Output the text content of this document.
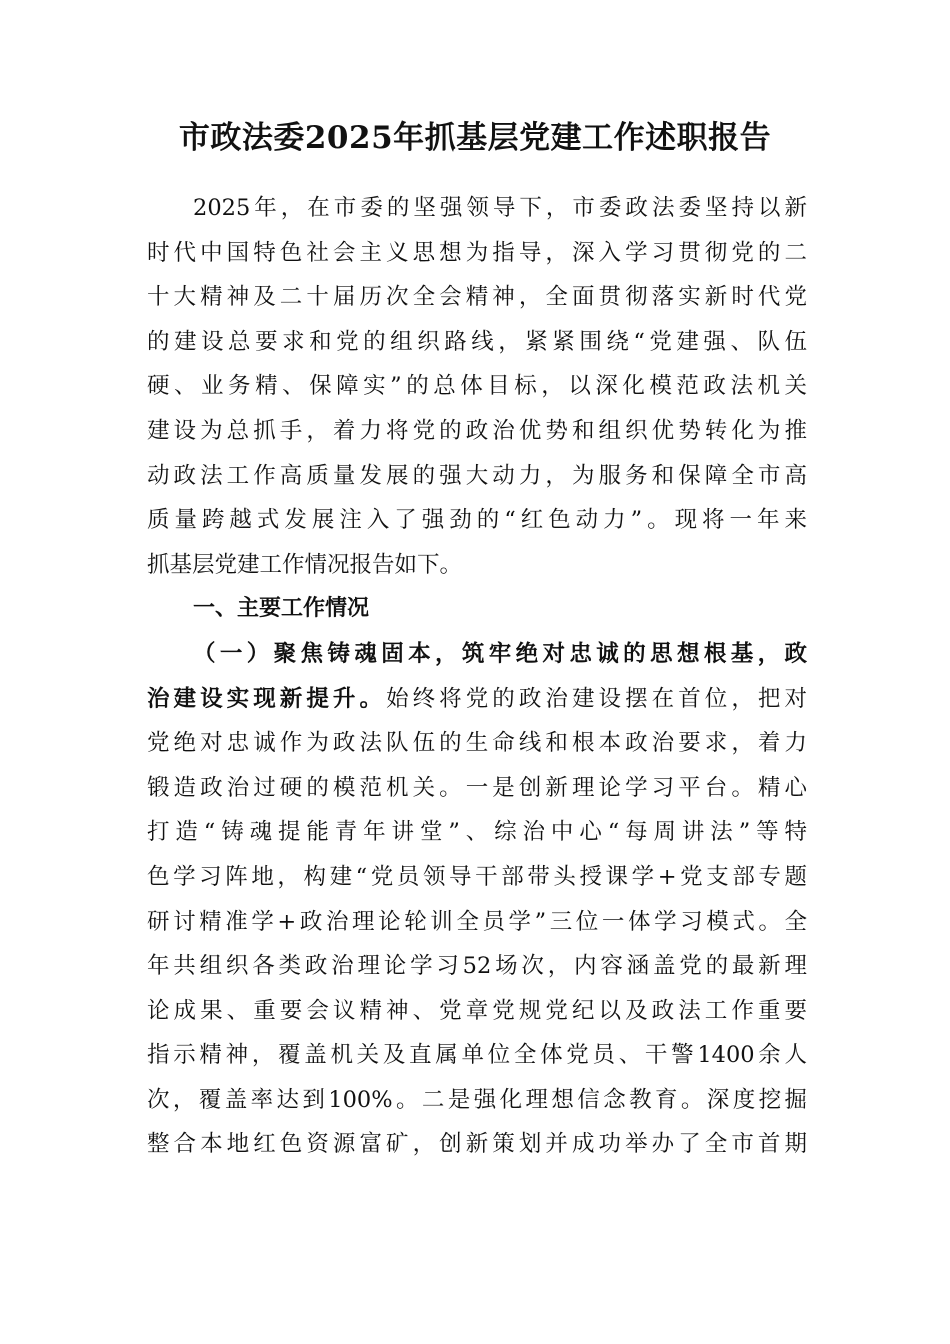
市政法委2025年抓基层党建工作述职报告
2025年，在市委的坚强领导下，市委政法委坚持以新
时代中国特色社会主义思想为指导，深入学习贯彻党的二
十大精神及二十届历次全会精神，全面贯彻落实新时代党
的建设总要求和党的组织路线，紧紧围绕“党建强、队伍
硬、业务精、保障实”的总体目标，以深化模范政法机关
建设为总抓手，着力将党的政治优势和组织优势转化为推
动政法工作高质量发展的强大动力，为服务和保障全市高
质量跨越式发展注入了强劲的“红色动力”。现将一年来
抓基层党建工作情况报告如下。
一、主要工作情况
（一）聚焦铸魂固本，筑牢绝对忠诚的思想根基，政
治建设实现新提升。始终将党的政治建设摆在首位，把对
党绝对忠诚作为政法队伍的生命线和根本政治要求，着力
锻造政治过硬的模范机关。一是创新理论学习平台。精心
打造“铸魂提能青年讲堂”、综治中心“每周讲法”等特
色学习阵地，构建“党员领导干部带头授课学+党支部专题
研讨精准学+政治理论轮训全员学”三位一体学习模式。全
年共组织各类政治理论学习52场次，内容涵盖党的最新理
论成果、重要会议精神、党章党规党纪以及政法工作重要
指示精神，覆盖机关及直属单位全体党员、干警1400余人
次，覆盖率达到100%。二是强化理想信念教育。深度挖掘
整合本地红色资源富矿，创新策划并成功举办了全市首期
